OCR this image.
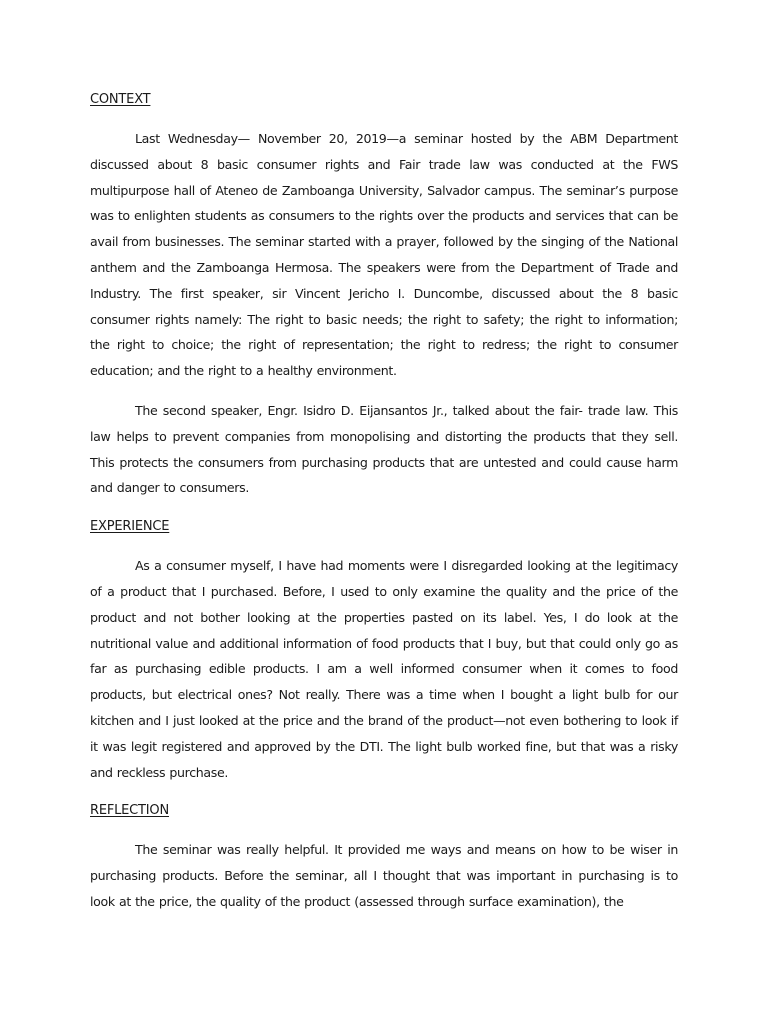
CONTEXT

Last Wednesday— November 20, 2019—a seminar hosted by the ABM Department discussed about 8 basic consumer rights and Fair trade law was conducted at the FWS multipurpose hall of Ateneo de Zamboanga University, Salvador campus. The seminar’s purpose was to enlighten students as consumers to the rights over the products and services that can be avail from businesses. The seminar started with a prayer, followed by the singing of the National anthem and the Zamboanga Hermosa. The speakers were from the Department of Trade and Industry. The first speaker, sir Vincent Jericho I. Duncombe, discussed about the 8 basic consumer rights namely: The right to basic needs; the right to safety; the right to information; the right to choice; the right of representation; the right to redress; the right to consumer education; and the right to a healthy environment.

The second speaker, Engr. Isidro D. Eijansantos Jr., talked about the fair- trade law. This law helps to prevent companies from monopolising and distorting the products that they sell. This protects the consumers from purchasing products that are untested and could cause harm and danger to consumers.

EXPERIENCE

As a consumer myself, I have had moments were I disregarded looking at the legitimacy of a product that I purchased. Before, I used to only examine the quality and the price of the product and not bother looking at the properties pasted on its label. Yes, I do look at the nutritional value and additional information of food products that I buy, but that could only go as far as purchasing edible products. I am a well informed consumer when it comes to food products, but electrical ones? Not really. There was a time when I bought a light bulb for our kitchen and I just looked at the price and the brand of the product—not even bothering to look if it was legit registered and approved by the DTI. The light bulb worked fine, but that was a risky and reckless purchase.

REFLECTION

The seminar was really helpful. It provided me ways and means on how to be wiser in purchasing products. Before the seminar, all I thought that was important in purchasing is to look at the price, the quality of the product (assessed through surface examination), the
